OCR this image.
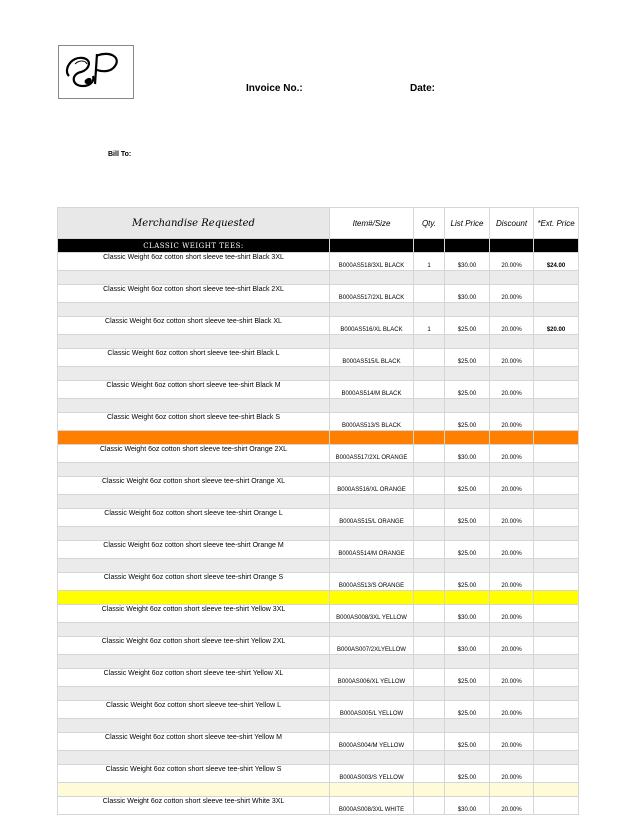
Invoice No.:	Date:
Bill To:
Merchandise Requested	Item#/Size	Qty.	List Price	Discount	*Ext. Price
CLASSIC WEIGHT TEES:					
Classic Weight 6oz cotton short sleeve tee-shirt Black 3XL	B000AS518/3XL BLACK	1	$30.00	20.00%	$24.00

Classic Weight 6oz cotton short sleeve tee-shirt Black 2XL	B000AS517/2XL BLACK		$30.00	20.00%	

Classic Weight 6oz cotton short sleeve tee-shirt Black XL	B000AS516/XL BLACK	1	$25.00	20.00%	$20.00

Classic Weight 6oz cotton short sleeve tee-shirt Black L	B000AS515/L BLACK		$25.00	20.00%	

Classic Weight 6oz cotton short sleeve tee-shirt Black M	B000AS514/M BLACK		$25.00	20.00%	

Classic Weight 6oz cotton short sleeve tee-shirt Black S	B000AS513/S BLACK		$25.00	20.00%	

Classic Weight 6oz cotton short sleeve tee-shirt Orange 2XL	B000AS517/2XL ORANGE		$30.00	20.00%	

Classic Weight 6oz cotton short sleeve tee-shirt Orange XL	B000AS516/XL ORANGE		$25.00	20.00%	

Classic Weight 6oz cotton short sleeve tee-shirt Orange L	B000AS515/L ORANGE		$25.00	20.00%	

Classic Weight 6oz cotton short sleeve tee-shirt Orange M	B000AS514/M ORANGE		$25.00	20.00%	

Classic Weight 6oz cotton short sleeve tee-shirt Orange S	B000AS513/S ORANGE		$25.00	20.00%	

Classic Weight 6oz cotton short sleeve tee-shirt Yellow 3XL	B000AS008/3XL YELLOW		$30.00	20.00%	

Classic Weight 6oz cotton short sleeve tee-shirt Yellow 2XL	B000AS007/2XLYELLOW		$30.00	20.00%	

Classic Weight 6oz cotton short sleeve tee-shirt Yellow XL	B000AS006/XL YELLOW		$25.00	20.00%	

Classic Weight 6oz cotton short sleeve tee-shirt Yellow L	B000AS005/L YELLOW		$25.00	20.00%	

Classic Weight 6oz cotton short sleeve tee-shirt Yellow M	B000AS004/M YELLOW		$25.00	20.00%	

Classic Weight 6oz cotton short sleeve tee-shirt Yellow S	B000AS003/S YELLOW		$25.00	20.00%	

Classic Weight 6oz cotton short sleeve tee-shirt White 3XL	B000AS008/3XL WHITE		$30.00	20.00%	
